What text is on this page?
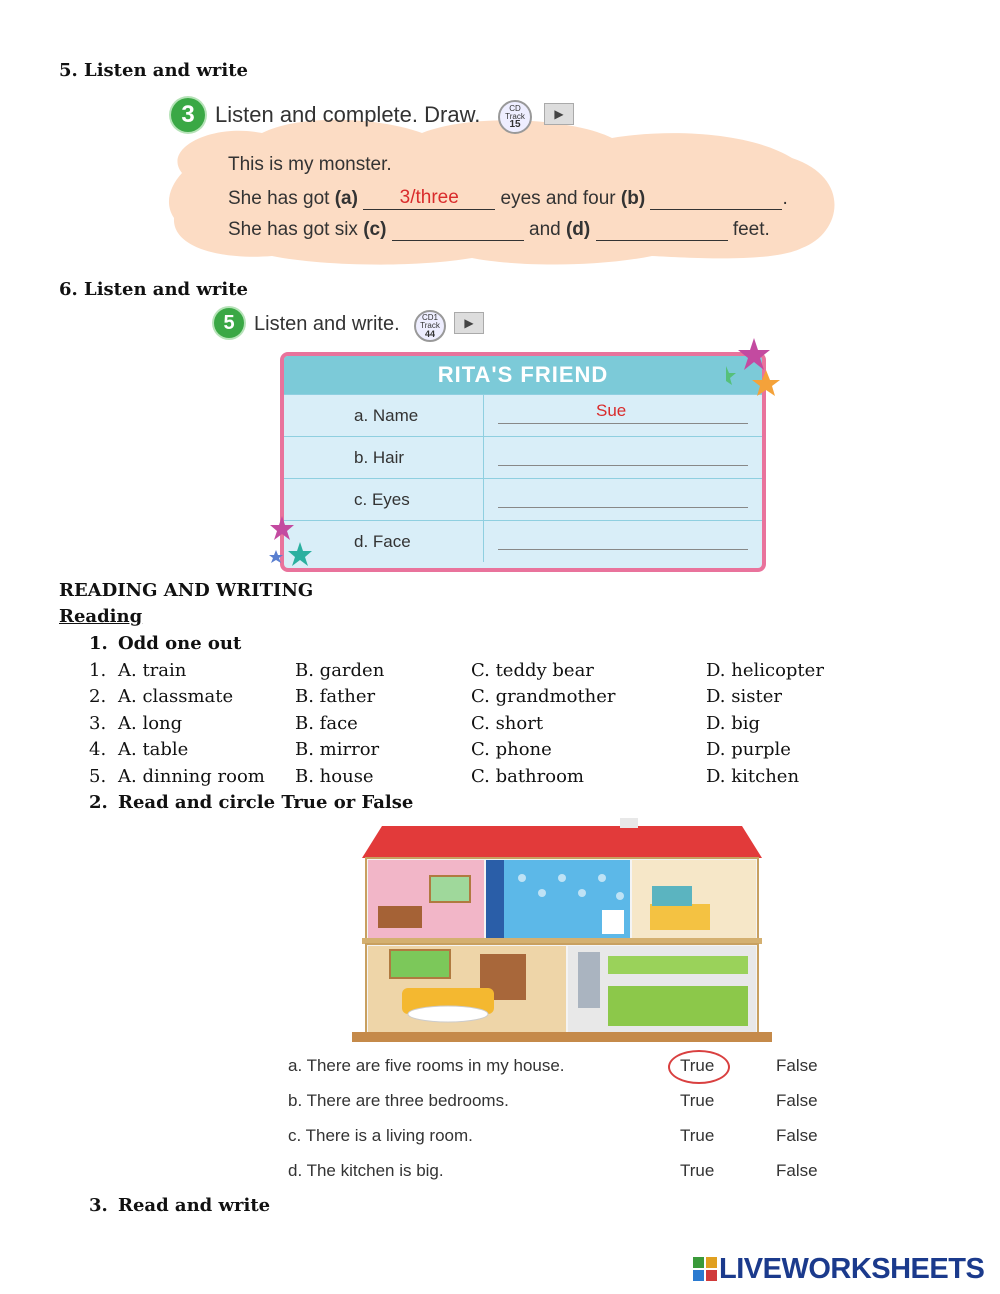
5. Listen and write
3 Listen and complete. Draw.	CD
Track
15
▶
This is my monster.
She has got (a) 3/three eyes and four (b)	.
She has got six (c)	and (d)	feet.
6. Listen and write
5 Listen and write.	CD1
Track
44
▶
RITA'S FRIEND
a. Name	Sue
b. Hair
c. Eyes
d. Face
READING AND WRITING
Reading
1. Odd one out
1. A. train	B. garden	C. teddy bear	D. helicopter
2. A. classmate	B. father	C. grandmother	D. sister
3. A. long	B. face	C. short	D. big
4. A. table	B. mirror	C. phone	D. purple
5. A. dinning room B. house	C. bathroom	D. kitchen
2. Read and circle True or False
a. There are five rooms in my house.	True	False
b. There are three bedrooms.	True	False
c. There is a living room.	True	False
d. The kitchen is big.	True	False
3. Read and write
LIVEWORKSHEETS
